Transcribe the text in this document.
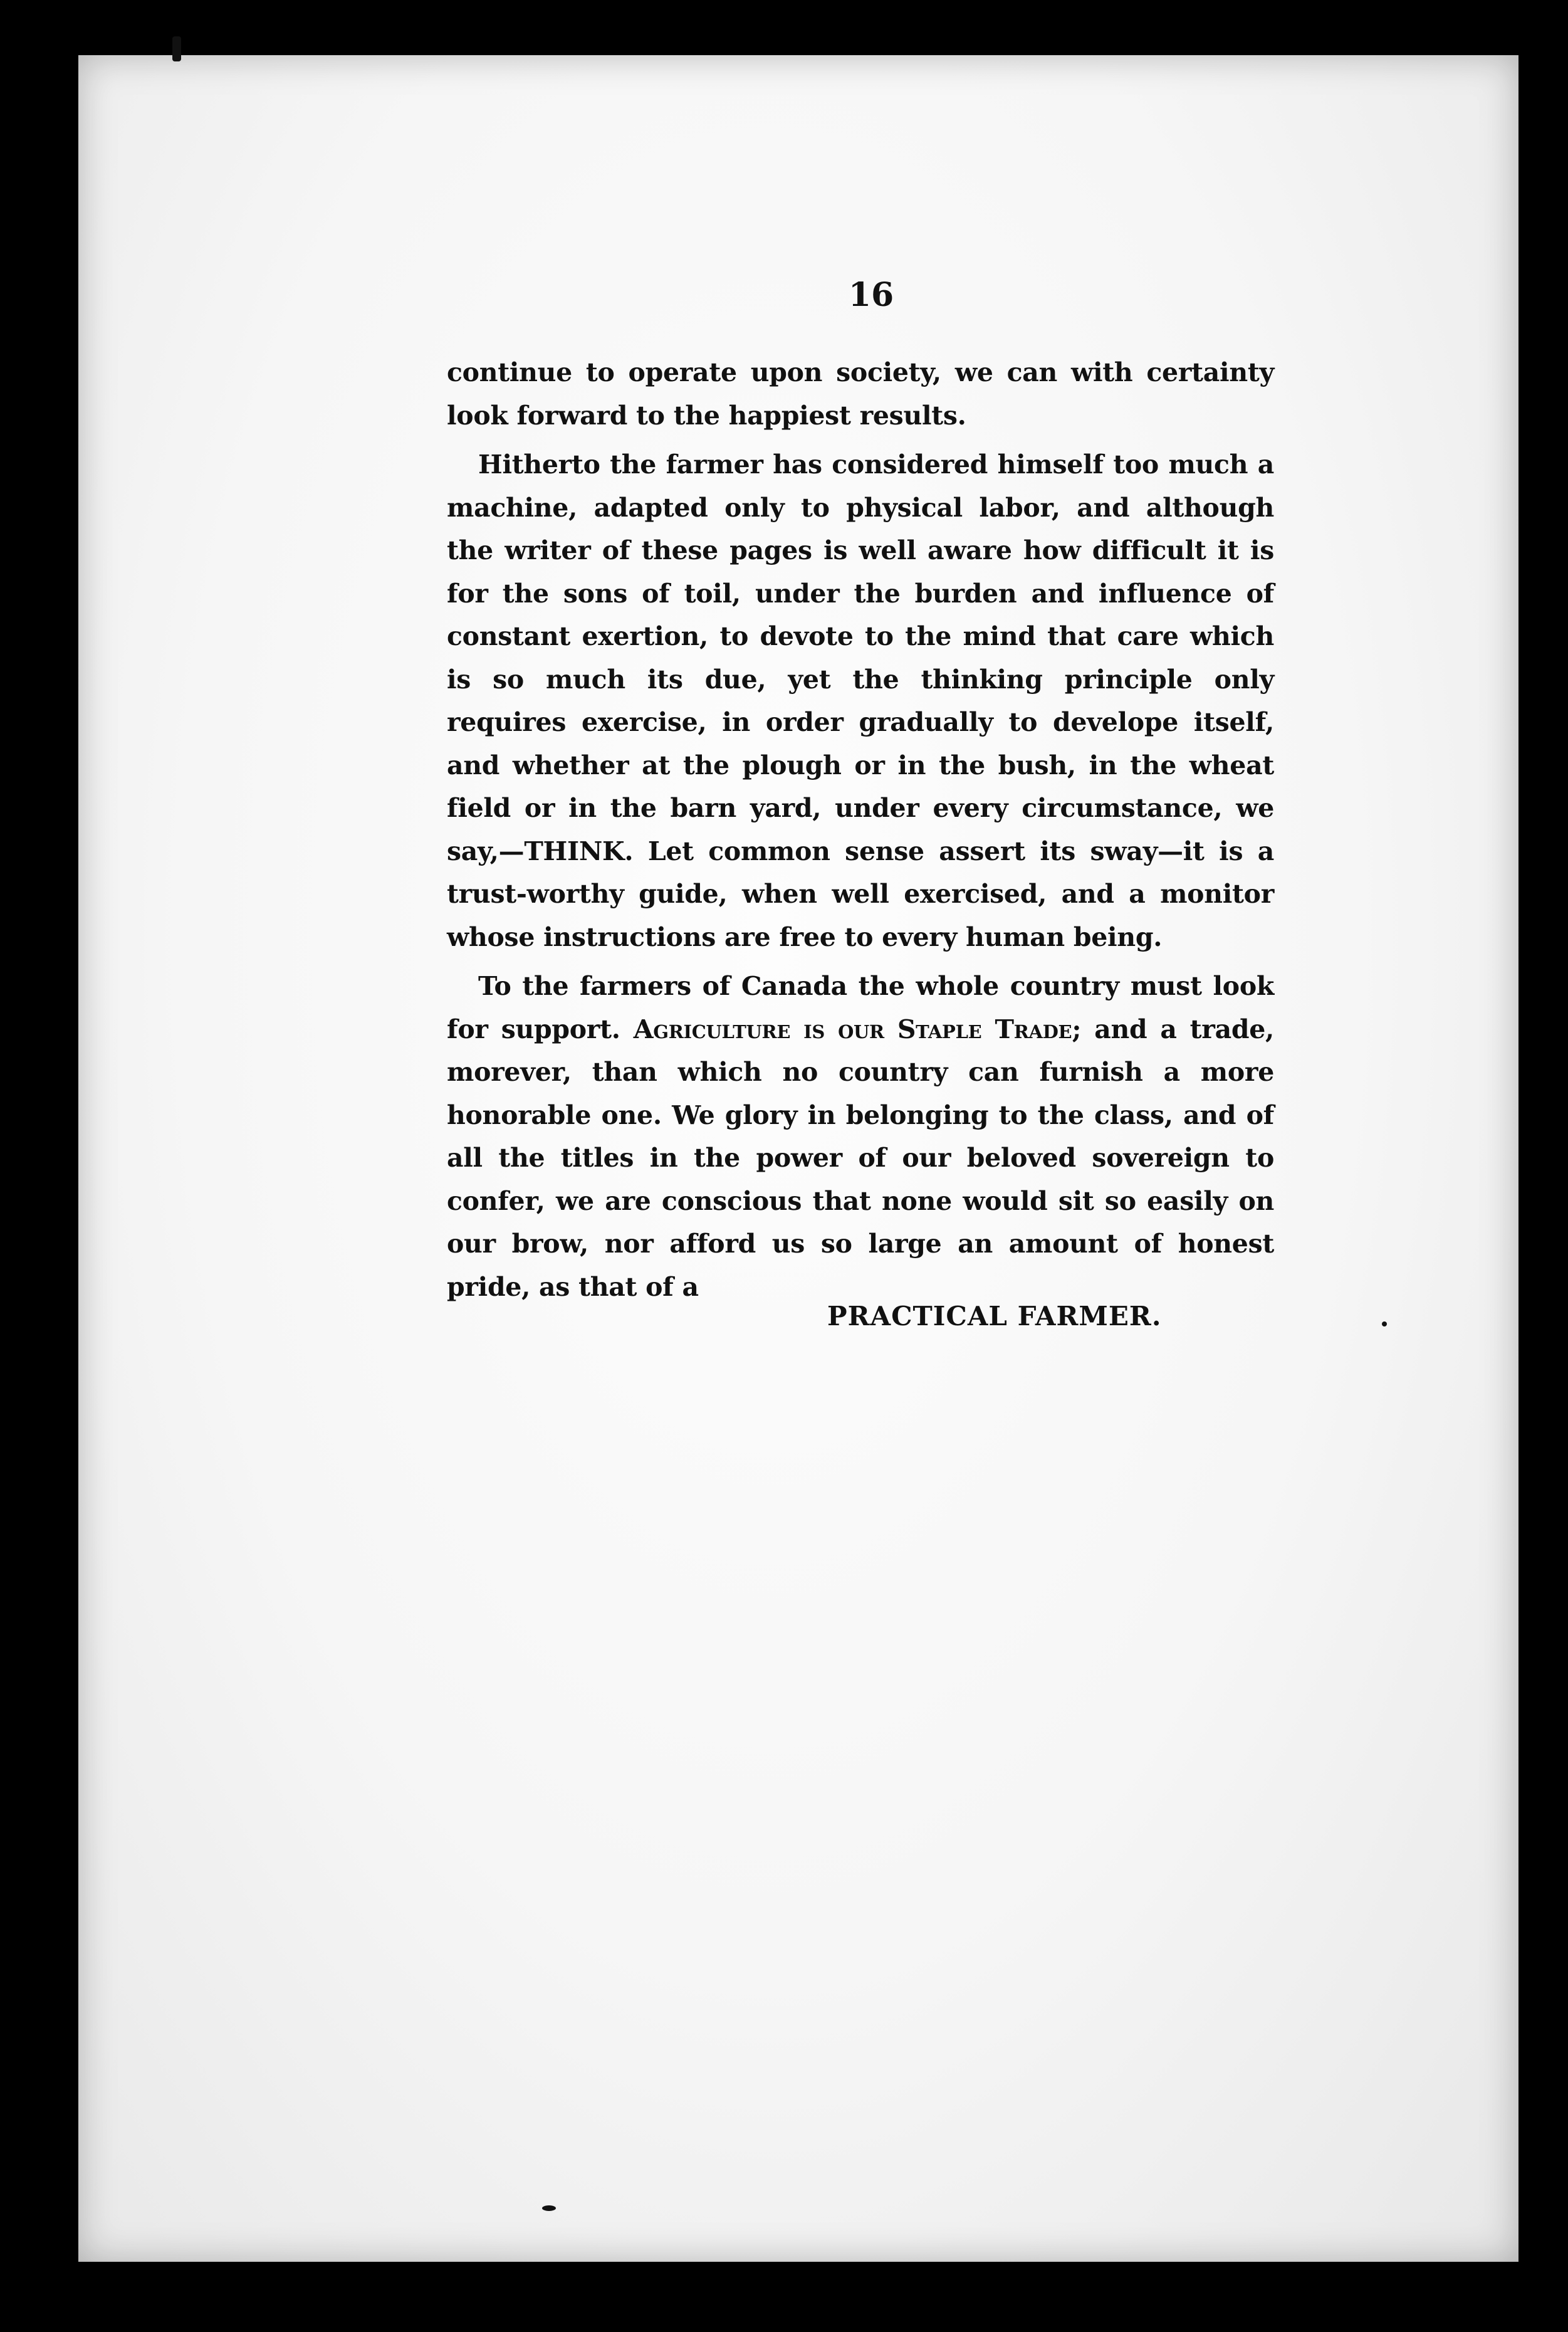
16

continue to operate upon society, we can with certainty look forward to the happiest results.

Hitherto the farmer has considered himself too much a machine, adapted only to physical labor, and although the writer of these pages is well aware how difficult it is for the sons of toil, under the burden and influence of constant exertion, to devote to the mind that care which is so much its due, yet the thinking principle only requires exercise, in order gradually to develope itself, and whether at the plough or in the bush, in the wheat field or in the barn yard, under every circumstance, we say,—THINK. Let common sense assert its sway—it is a trust-worthy guide, when well exercised, and a monitor whose instructions are free to every human being.

To the farmers of Canada the whole country must look for support. Agriculture is our Staple Trade; and a trade, morever, than which no country can furnish a more honorable one. We glory in belonging to the class, and of all the titles in the power of our beloved sovereign to confer, we are conscious that none would sit so easily on our brow, nor afford us so large an amount of honest pride, as that of a

PRACTICAL FARMER.
